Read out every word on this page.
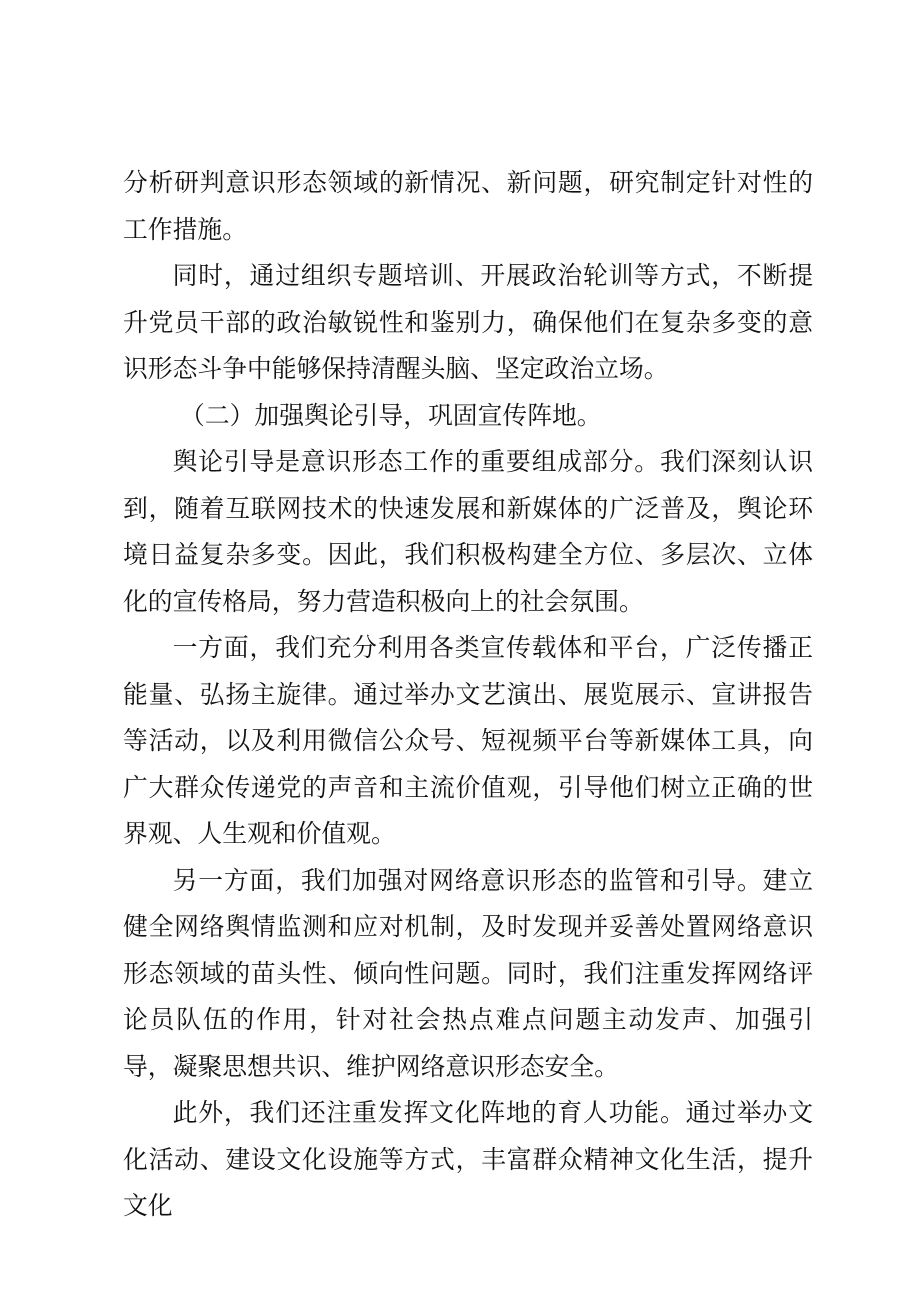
分析研判意识形态领域的新情况、新问题，研究制定针对性的工作措施。

同时，通过组织专题培训、开展政治轮训等方式，不断提升党员干部的政治敏锐性和鉴别力，确保他们在复杂多变的意识形态斗争中能够保持清醒头脑、坚定政治立场。

（二）加强舆论引导，巩固宣传阵地。

舆论引导是意识形态工作的重要组成部分。我们深刻认识到，随着互联网技术的快速发展和新媒体的广泛普及，舆论环境日益复杂多变。因此，我们积极构建全方位、多层次、立体化的宣传格局，努力营造积极向上的社会氛围。

一方面，我们充分利用各类宣传载体和平台，广泛传播正能量、弘扬主旋律。通过举办文艺演出、展览展示、宣讲报告等活动，以及利用微信公众号、短视频平台等新媒体工具，向广大群众传递党的声音和主流价值观，引导他们树立正确的世界观、人生观和价值观。

另一方面，我们加强对网络意识形态的监管和引导。建立健全网络舆情监测和应对机制，及时发现并妥善处置网络意识形态领域的苗头性、倾向性问题。同时，我们注重发挥网络评论员队伍的作用，针对社会热点难点问题主动发声、加强引导，凝聚思想共识、维护网络意识形态安全。

此外，我们还注重发挥文化阵地的育人功能。通过举办文化活动、建设文化设施等方式，丰富群众精神文化生活，提升文化
